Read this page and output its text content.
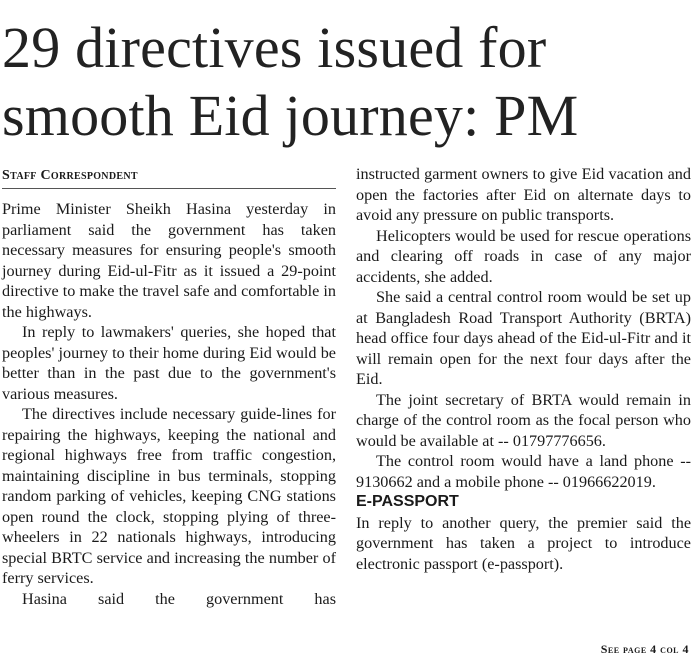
29 directives issued for smooth Eid journey: PM
Staff Correspondent

Prime Minister Sheikh Hasina yesterday in parliament said the government has taken necessary measures for ensuring people's smooth journey during Eid-ul-Fitr as it issued a 29-point directive to make the travel safe and comfortable in the highways.

In reply to lawmakers' queries, she hoped that peoples' journey to their home during Eid would be better than in the past due to the government's various measures.

The directives include necessary guide-lines for repairing the highways, keeping the national and regional highways free from traffic congestion, maintaining discipline in bus terminals, stopping random parking of vehicles, keeping CNG stations open round the clock, stopping plying of three-wheelers in 22 nationals highways, introducing special BRTC service and increasing the number of ferry services.

Hasina said the government has

instructed garment owners to give Eid vacation and open the factories after Eid on alternate days to avoid any pressure on public transports.

Helicopters would be used for rescue operations and clearing off roads in case of any major accidents, she added.

She said a central control room would be set up at Bangladesh Road Transport Authority (BRTA) head office four days ahead of the Eid-ul-Fitr and it will remain open for the next four days after the Eid.

The joint secretary of BRTA would remain in charge of the control room as the focal person who would be available at -- 01797776656.

The control room would have a land phone -- 9130662 and a mobile phone -- 01966622019.

E-PASSPORT

In reply to another query, the premier said the government has taken a project to introduce electronic passport (e-passport).

See page 4 col 4
